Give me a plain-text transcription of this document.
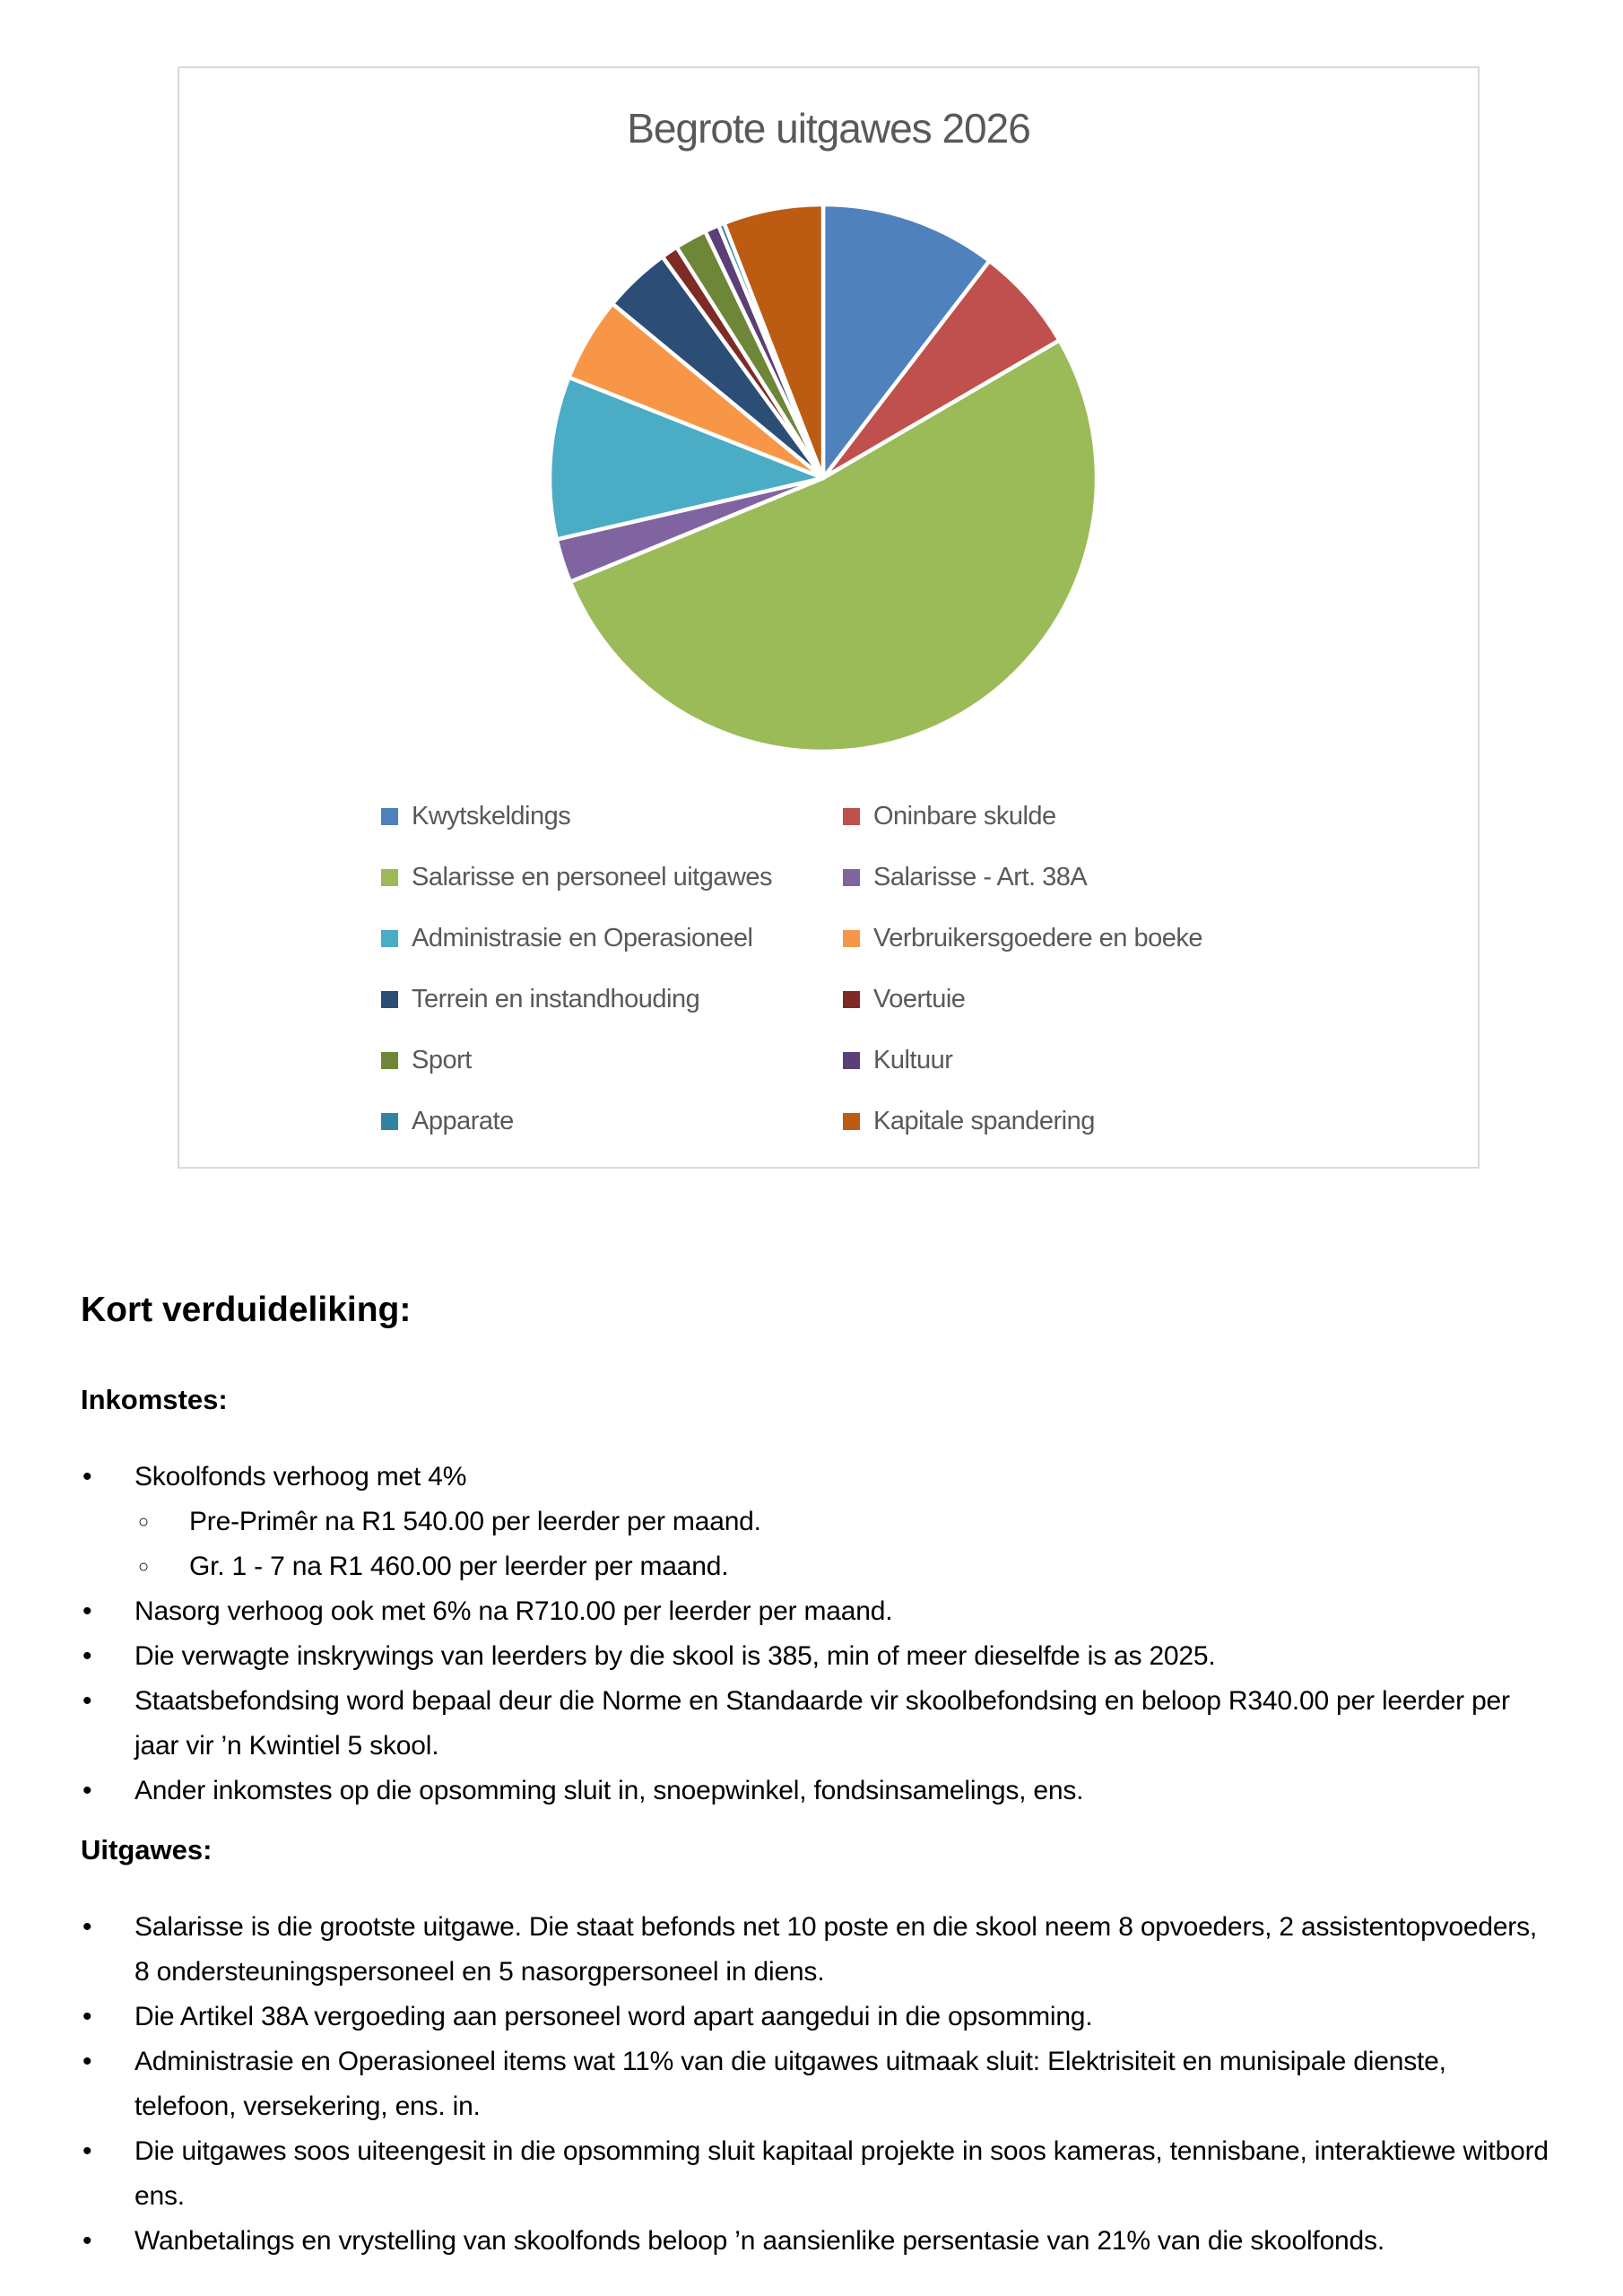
Begrote uitgawes 2026
Kwytskeldings	Oninbare skulde
Salarisse en personeel uitgawes	Salarisse - Art. 38A
Administrasie en Operasioneel	Verbruikersgoedere en boeke
Terrein en instandhouding	Voertuie
Sport	Kultuur
Apparate	Kapitale spandering
Kort verduideliking:
Inkomstes:
• Skoolfonds verhoog met 4%
○ Pre-Primêr na R1 540.00 per leerder per maand.
○ Gr. 1 - 7 na R1 460.00 per leerder per maand.
• Nasorg verhoog ook met 6% na R710.00 per leerder per maand.
• Die verwagte inskrywings van leerders by die skool is 385, min of meer dieselfde is as 2025.
• Staatsbefondsing word bepaal deur die Norme en Standaarde vir skoolbefondsing en beloop R340.00 per leerder per jaar vir ’n Kwintiel 5 skool.
• Ander inkomstes op die opsomming sluit in, snoepwinkel, fondsinsamelings, ens.
Uitgawes:
• Salarisse is die grootste uitgawe. Die staat befonds net 10 poste en die skool neem 8 opvoeders, 2 assistentopvoeders, 8 ondersteuningspersoneel en 5 nasorgpersoneel in diens.
• Die Artikel 38A vergoeding aan personeel word apart aangedui in die opsomming.
• Administrasie en Operasioneel items wat 11% van die uitgawes uitmaak sluit: Elektrisiteit en munisipale dienste, telefoon, versekering, ens. in.
• Die uitgawes soos uiteengesit in die opsomming sluit kapitaal projekte in soos kameras, tennisbane, interaktiewe witbord ens.
• Wanbetalings en vrystelling van skoolfonds beloop ’n aansienlike persentasie van 21% van die skoolfonds.
